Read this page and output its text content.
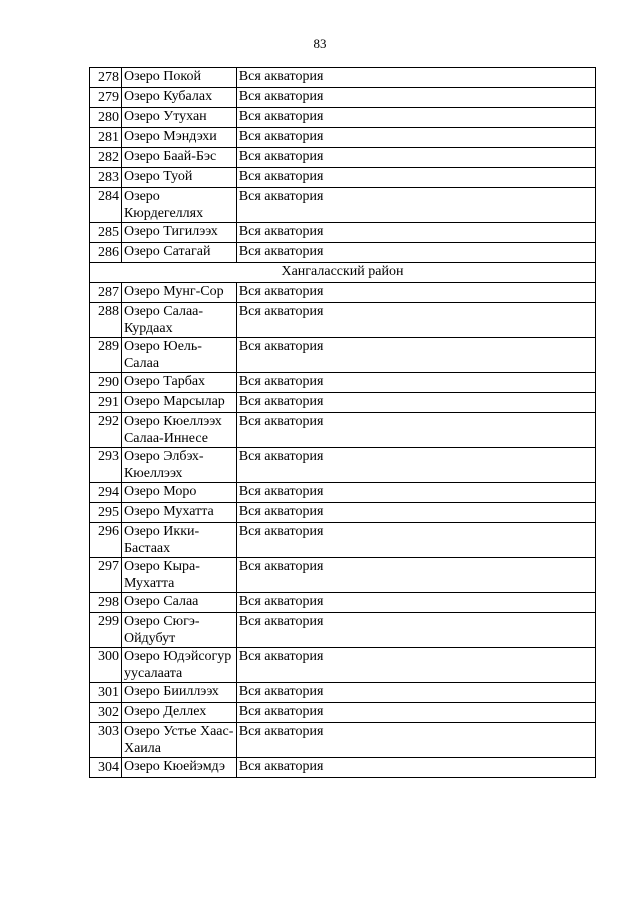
83
278	Озеро Покой	Вся акватория
279	Озеро Кубалах	Вся акватория
280	Озеро Утухан	Вся акватория
281	Озеро Мэндэхи	Вся акватория
282	Озеро Баай-Бэс	Вся акватория
283	Озеро Туой	Вся акватория
284	Озеро Кюрдегеллях	Вся акватория
285	Озеро Тигилээх	Вся акватория
286	Озеро Сатагай	Вся акватория
Хангаласский район		
287	Озеро Мунг-Сор	Вся акватория
288	Озеро Салаа-Курдаах	Вся акватория
289	Озеро Юель-Салаа	Вся акватория
290	Озеро Тарбах	Вся акватория
291	Озеро Марсылар	Вся акватория
292	Озеро Кюеллээх Салаа-Иннесе	Вся акватория
293	Озеро Элбэх-Кюеллээх	Вся акватория
294	Озеро Моро	Вся акватория
295	Озеро Мухатта	Вся акватория
296	Озеро Икки-Бастаах	Вся акватория
297	Озеро Кыра-Мухатта	Вся акватория
298	Озеро Салаа	Вся акватория
299	Озеро Сюгэ-Ойдубут	Вся акватория
300	Озеро Юдэйсогуруусалаата	Вся акватория
301	Озеро Бииллээх	Вся акватория
302	Озеро Деллех	Вся акватория
303	Озеро Устье Хаас-Хаила	Вся акватория
304	Озеро Кюейэмдэ	Вся акватория
